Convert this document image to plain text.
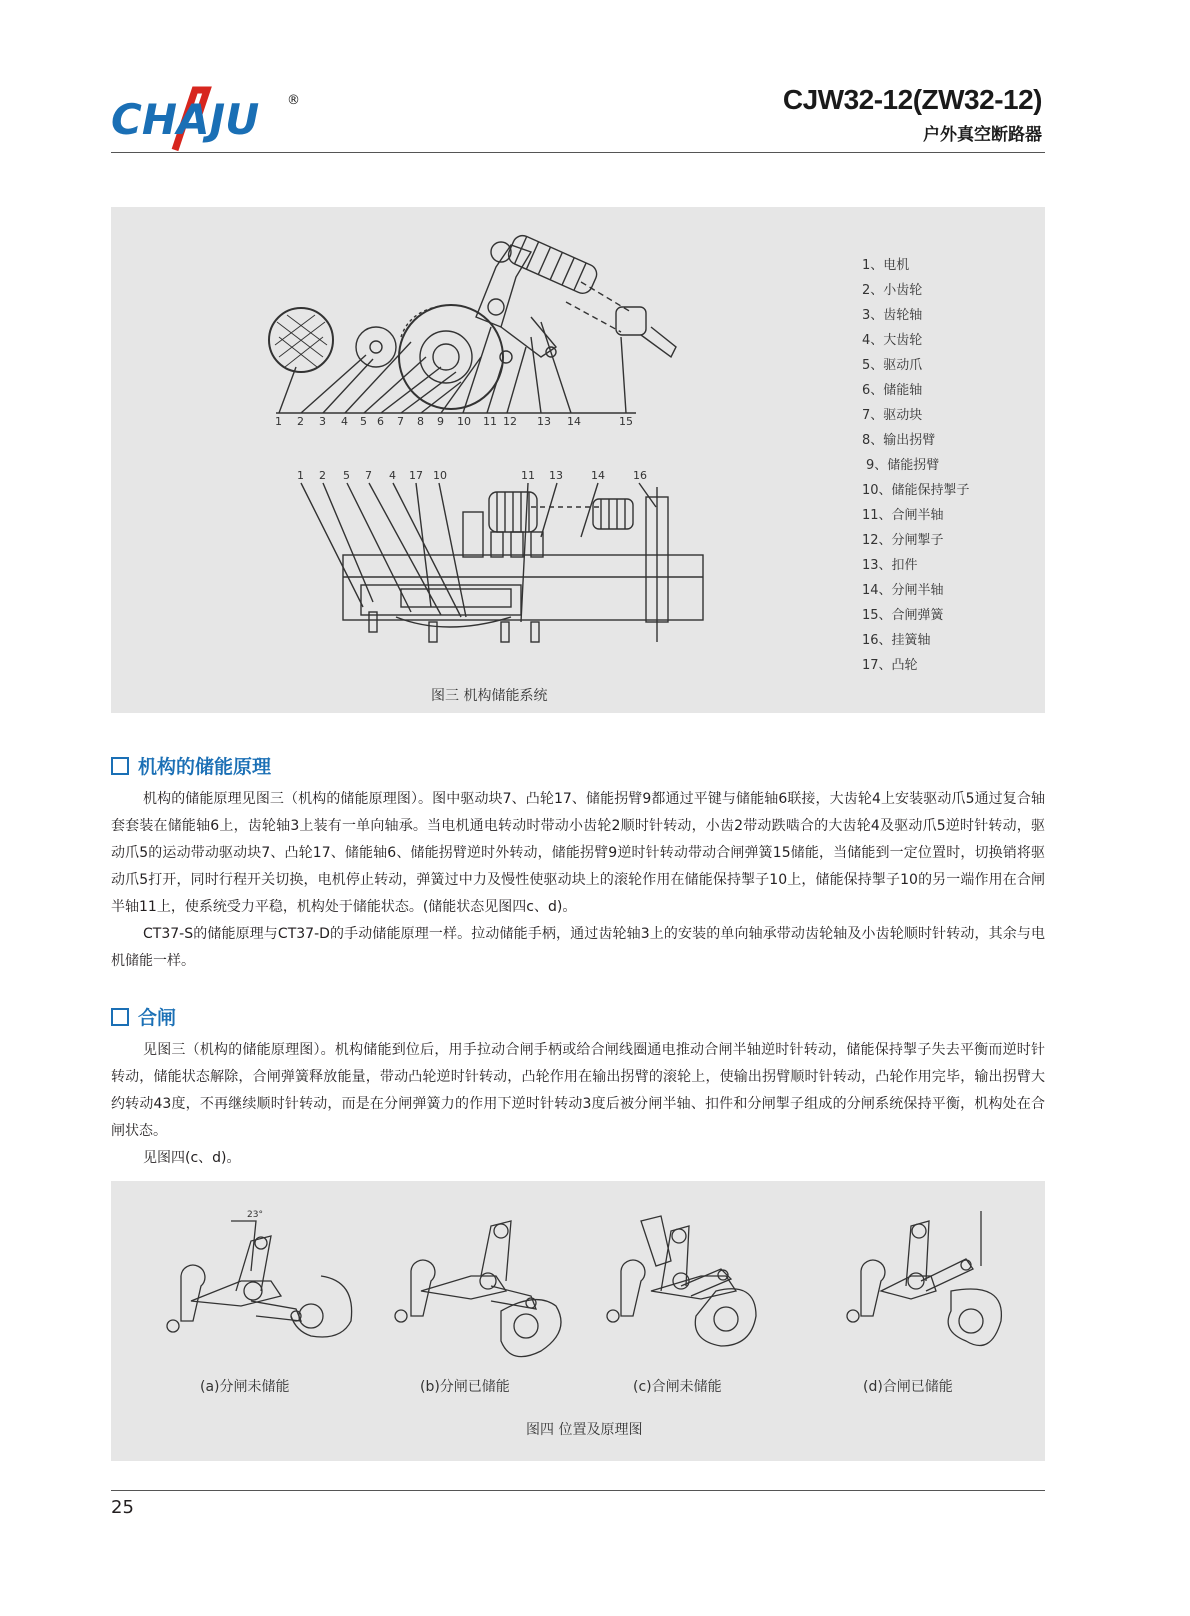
CHAJU ®	CJW32-12(ZW32-12)
户外真空断路器
1 2 3 4 5 6 7 8 9 10 11 12 13 14	15
1 2 5 7 4 17 10	11 13	14	16
1、电机
2、小齿轮
3、齿轮轴
4、大齿轮
5、驱动爪
6、储能轴
7、驱动块
8、输出拐臂
9、储能拐臂
10、储能保持掣子
11、合闸半轴
12、分闸掣子
13、扣件
14、分闸半轴
15、合闸弹簧
16、挂簧轴
17、凸轮
图三 机构储能系统
机构的储能原理

机构的储能原理见图三（机构的储能原理图）。图中驱动块7、凸轮17、储能拐臂9都通过平键与储能轴6联接，大齿轮4上安装驱动爪5通过复合轴套套装在储能轴6上，齿轮轴3上装有一单向轴承。当电机通电转动时带动小齿轮2顺时针转动，小齿2带动跌啮合的大齿轮4及驱动爪5逆时针转动，驱动爪5的运动带动驱动块7、凸轮17、储能轴6、储能拐臂逆时外转动，储能拐臂9逆时针转动带动合闸弹簧15储能，当储能到一定位置时，切换销将驱动爪5打开，同时行程开关切换，电机停止转动，弹簧过中力及慢性使驱动块上的滚轮作用在储能保持掣子10上，储能保持掣子10的另一端作用在合闸半轴11上，使系统受力平稳，机构处于储能状态。(储能状态见图四c、d)。

CT37-S的储能原理与CT37-D的手动储能原理一样。拉动储能手柄，通过齿轮轴3上的安装的单向轴承带动齿轮轴及小齿轮顺时针转动，其余与电机储能一样。

合闸

见图三（机构的储能原理图）。机构储能到位后，用手拉动合闸手柄或给合闸线圈通电推动合闸半轴逆时针转动，储能保持掣子失去平衡而逆时针转动，储能状态解除，合闸弹簧释放能量，带动凸轮逆时针转动，凸轮作用在输出拐臂的滚轮上，使输出拐臂顺时针转动，凸轮作用完毕，输出拐臂大约转动43度，不再继续顺时针转动，而是在分闸弹簧力的作用下逆时针转动3度后被分闸半轴、扣件和分闸掣子组成的分闸系统保持平衡，机构处在合闸状态。

见图四(c、d)。

23°
(a)分闸未储能	(b)分闸已储能	(c)合闸未储能	(d)合闸已储能
图四 位置及原理图
25
